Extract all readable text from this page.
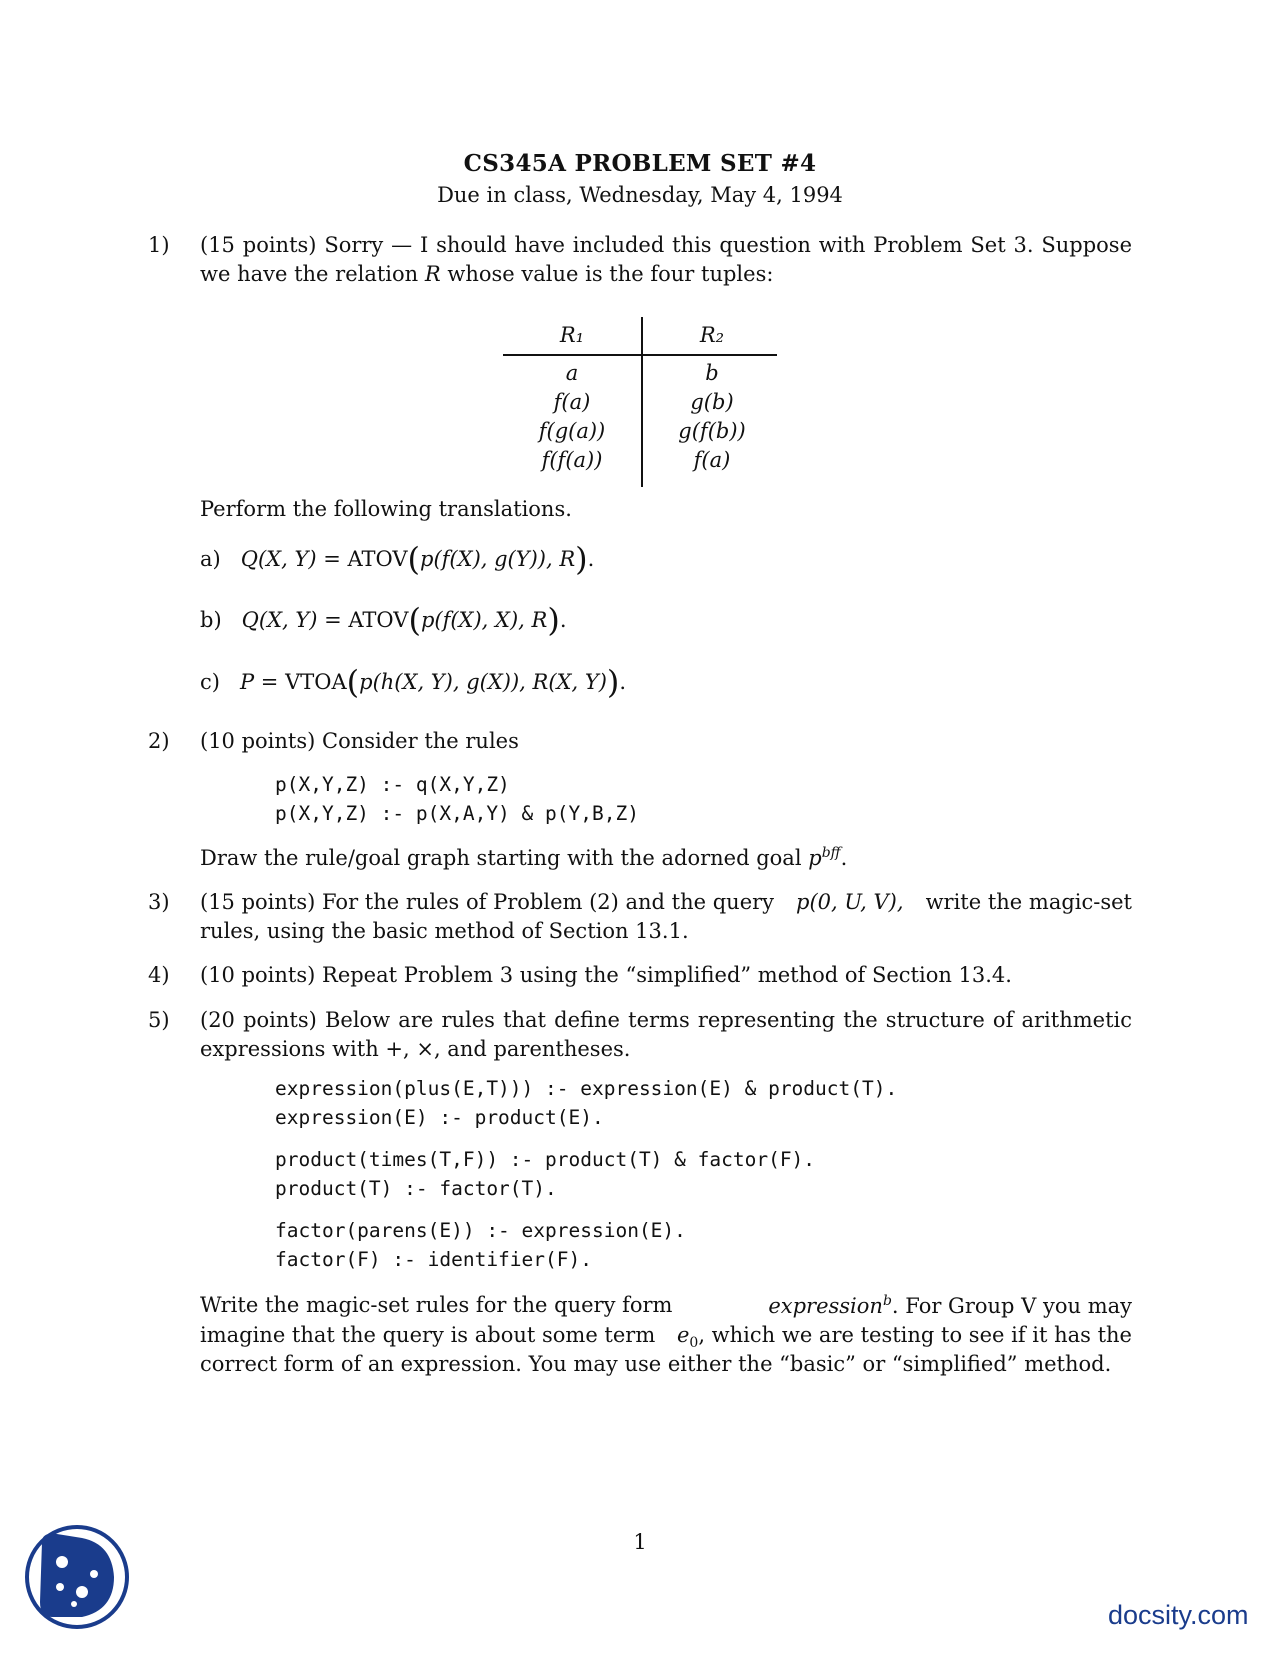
CS345A PROBLEM SET #4
Due in class, Wednesday, May 4, 1994
1) (15 points) Sorry — I should have included this question with Problem Set 3. Suppose
we have the relation R whose value is the four tuples:
R₁	R₂
a	b
f(a)	g(b)
f(g(a))	g(f(b))
f(f(a))	f(a)
Perform the following translations.
a) Q(X, Y) = ATOV(p(f(X), g(Y)), R).
b) Q(X, Y) = ATOV(p(f(X), X), R).
c) P = VTOA(p(h(X, Y), g(X)), R(X, Y)).
2) (10 points) Consider the rules
p(X,Y,Z) :- q(X,Y,Z)
p(X,Y,Z) :- p(X,A,Y) & p(Y,B,Z)
Draw the rule/goal graph starting with the adorned goal $p^{bff}$.
3) (15 points) For the rules of Problem (2) and the query p(0, U, V), write the magic-set
rules, using the basic method of Section 13.1.
4) (10 points) Repeat Problem 3 using the “simplified” method of Section 13.4.
5) (20 points) Below are rules that define terms representing the structure of arithmetic
expressions with +, ×, and parentheses.
expression(plus(E,T))) :- expression(E) & product(T).
expression(E) :- product(E).
product(times(T,F)) :- product(T) & factor(F).
product(T) :- factor(T).
factor(parens(E)) :- expression(E).
factor(F) :- identifier(F).
Write the magic-set rules for the query form	expression$^b$. For Group V you may
imagine that the query is about some term $e_0$, which we are testing to see if it has the
correct form of an expression. You may use either the “basic” or “simplified” method.
1
docsity.com
